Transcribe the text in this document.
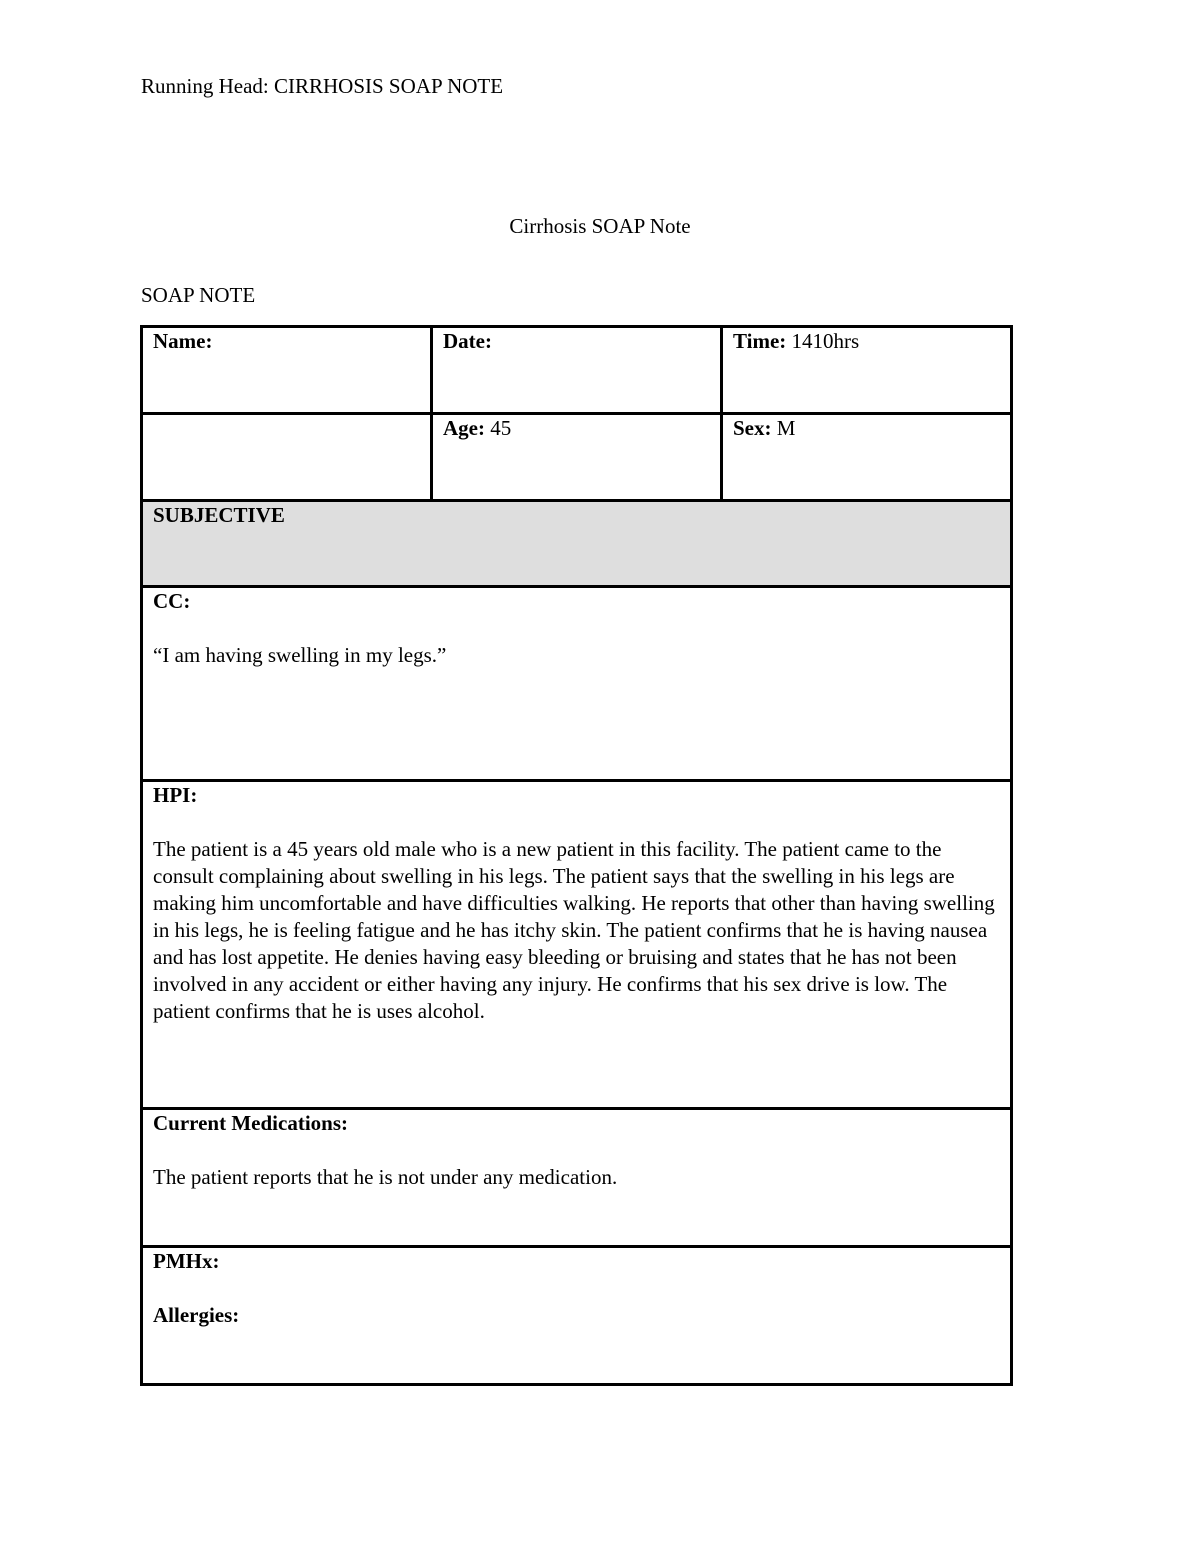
Running Head: CIRRHOSIS SOAP NOTE
Cirrhosis SOAP Note
SOAP NOTE
Name:	Date:	Time: 1410hrs
	Age: 45	Sex: M
SUBJECTIVE		

CC:

“I am having swelling in my legs.”		

HPI:

The patient is a 45 years old male who is a new patient in this facility. The patient came to the consult complaining about swelling in his legs. The patient says that the swelling in his legs are making him uncomfortable and have difficulties walking. He reports that other than having swelling in his legs, he is feeling fatigue and he has itchy skin. The patient confirms that he is having nausea and has lost appetite. He denies having easy bleeding or bruising and states that he has not been involved in any accident or either having any injury. He confirms that his sex drive is low. The patient confirms that he is uses alcohol.		

Current Medications:

The patient reports that he is not under any medication.		

PMHx:

Allergies:		
